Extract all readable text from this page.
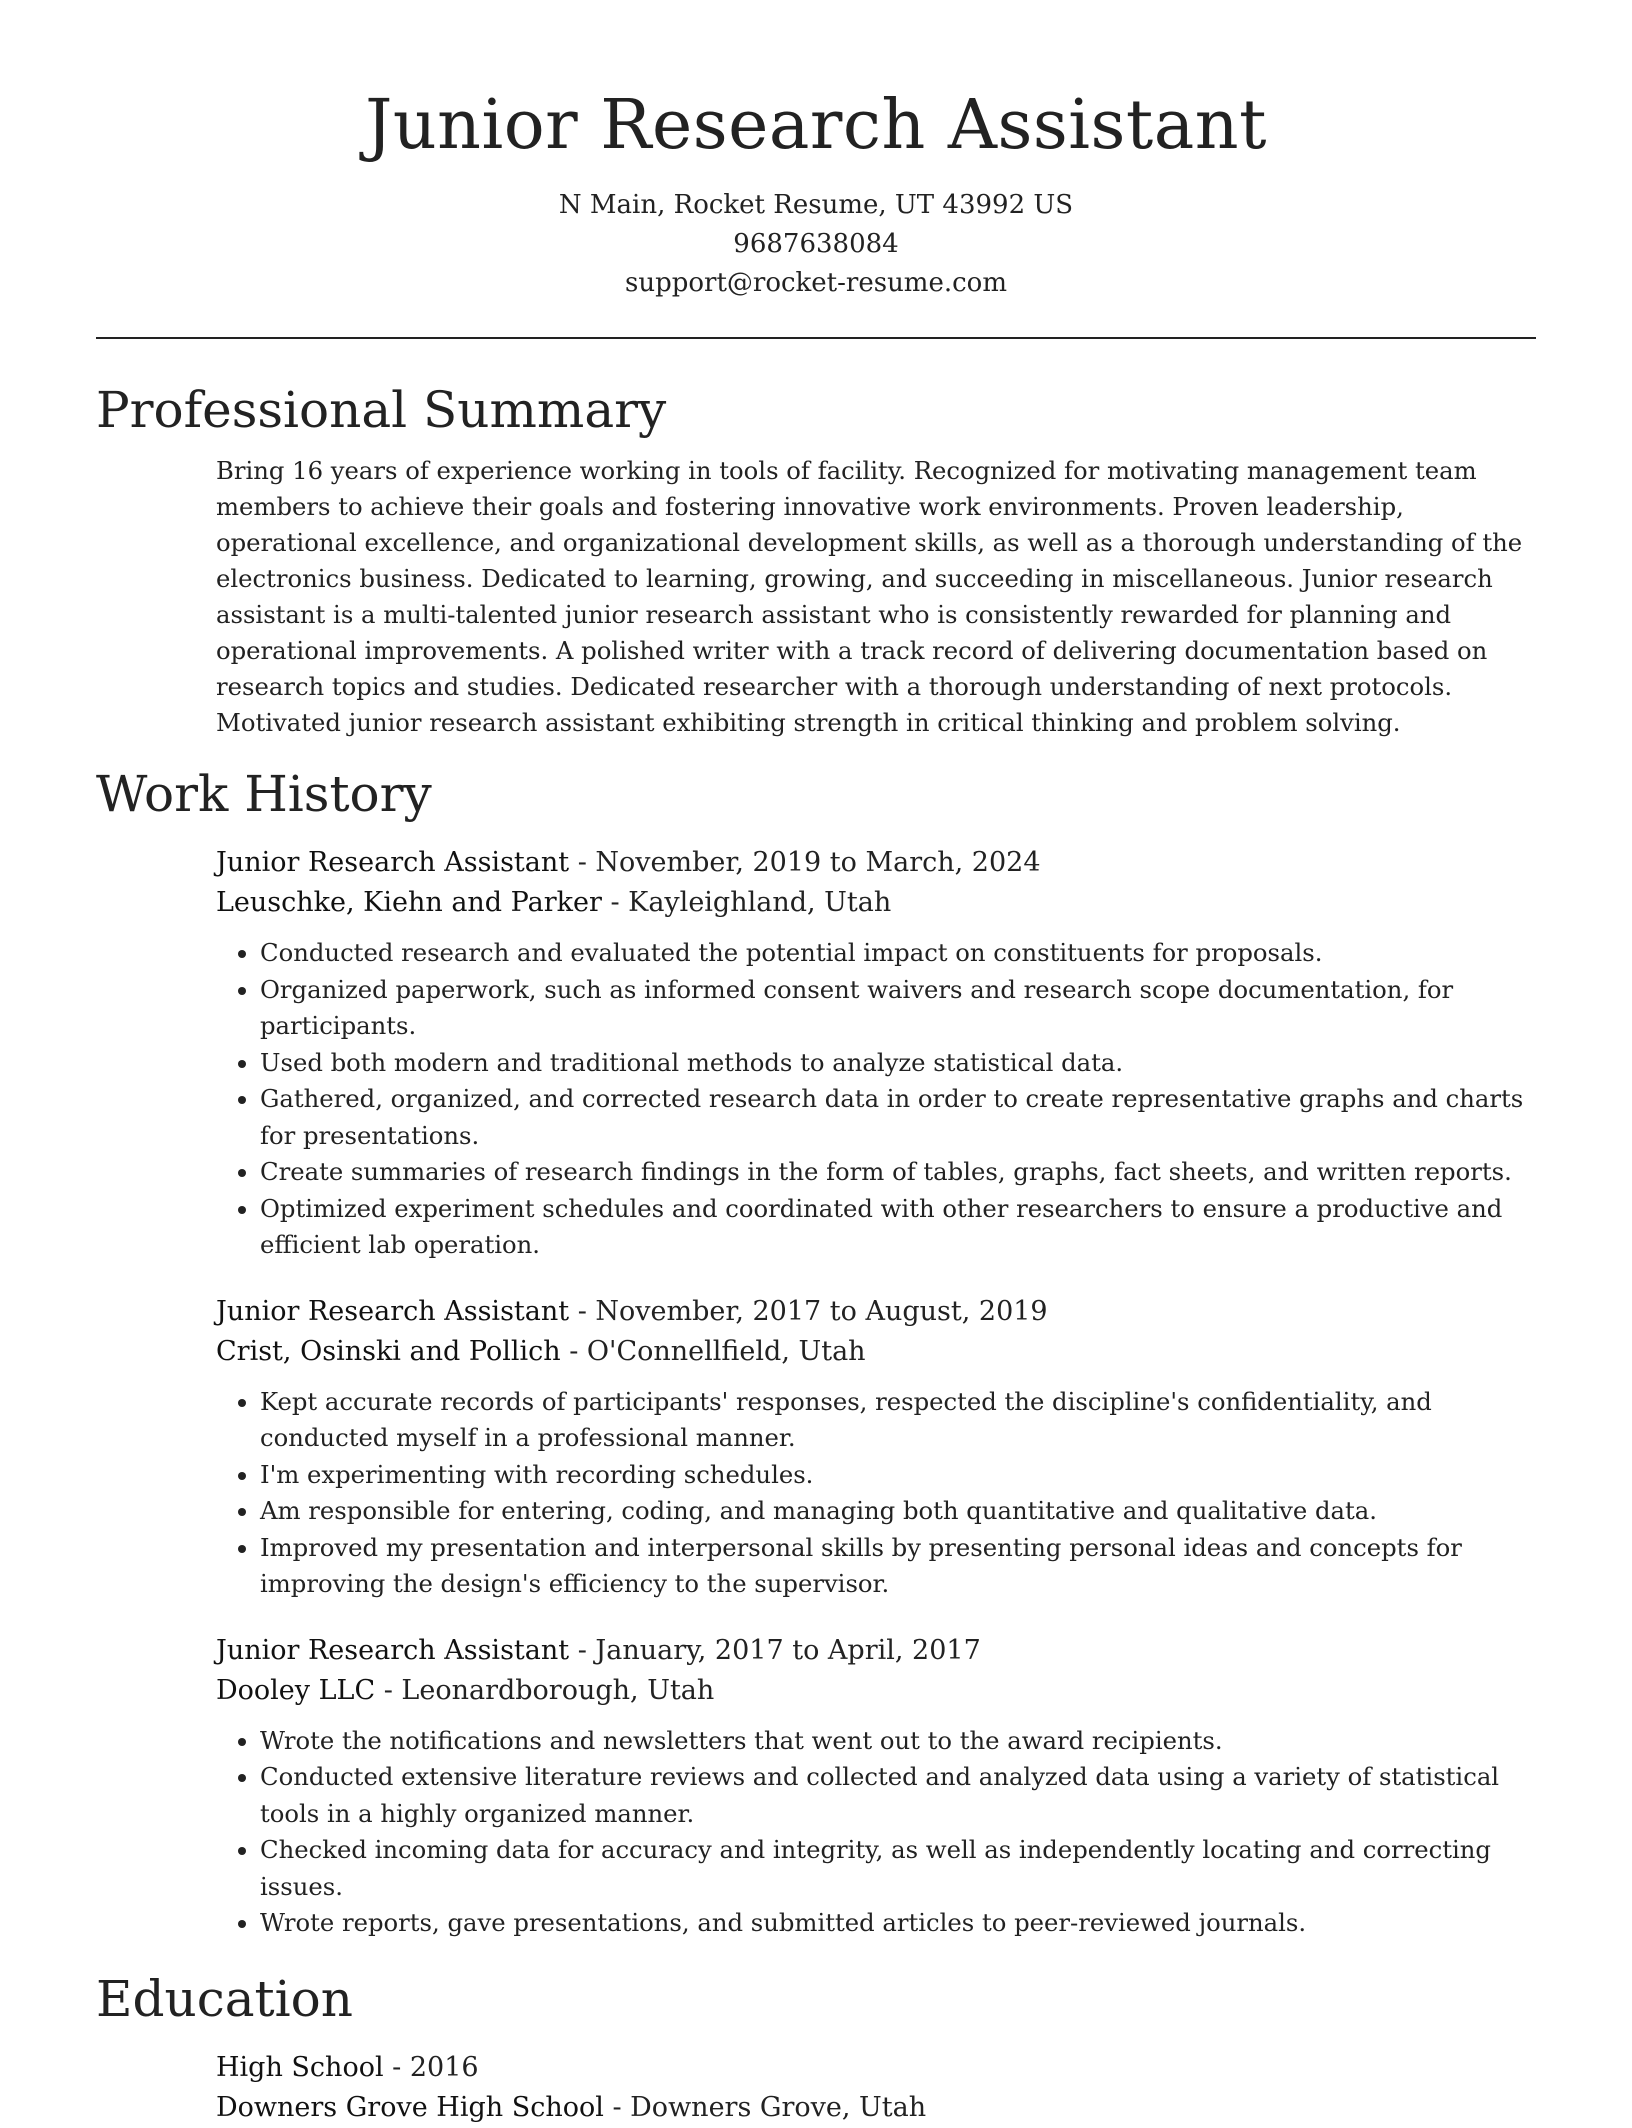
Junior Research Assistant
N Main, Rocket Resume, UT 43992 US
9687638084
support@rocket-resume.com
Professional Summary

Bring 16 years of experience working in tools of facility. Recognized for motivating management team members to achieve their goals and fostering innovative work environments. Proven leadership, operational excellence, and organizational development skills, as well as a thorough understanding of the electronics business. Dedicated to learning, growing, and succeeding in miscellaneous. Junior research assistant is a multi-talented junior research assistant who is consistently rewarded for planning and operational improvements. A polished writer with a track record of delivering documentation based on research topics and studies. Dedicated researcher with a thorough understanding of next protocols. Motivated junior research assistant exhibiting strength in critical thinking and problem solving.

Work History
Junior Research Assistant - November, 2019 to March, 2024
Leuschke, Kiehn and Parker - Kayleighland, Utah
• Conducted research and evaluated the potential impact on constituents for proposals.
• Organized paperwork, such as informed consent waivers and research scope documentation, for participants.
• Used both modern and traditional methods to analyze statistical data.
• Gathered, organized, and corrected research data in order to create representative graphs and charts for presentations.
• Create summaries of research findings in the form of tables, graphs, fact sheets, and written reports.
• Optimized experiment schedules and coordinated with other researchers to ensure a productive and efficient lab operation.
Junior Research Assistant - November, 2017 to August, 2019
Crist, Osinski and Pollich - O'Connellfield, Utah
• Kept accurate records of participants' responses, respected the discipline's confidentiality, and conducted myself in a professional manner.
• I'm experimenting with recording schedules.
• Am responsible for entering, coding, and managing both quantitative and qualitative data.
• Improved my presentation and interpersonal skills by presenting personal ideas and concepts for improving the design's efficiency to the supervisor.
Junior Research Assistant - January, 2017 to April, 2017
Dooley LLC - Leonardborough, Utah
• Wrote the notifications and newsletters that went out to the award recipients.
• Conducted extensive literature reviews and collected and analyzed data using a variety of statistical tools in a highly organized manner.
• Checked incoming data for accuracy and integrity, as well as independently locating and correcting issues.
• Wrote reports, gave presentations, and submitted articles to peer-reviewed journals.
Education
High School - 2016
Downers Grove High School - Downers Grove, Utah
